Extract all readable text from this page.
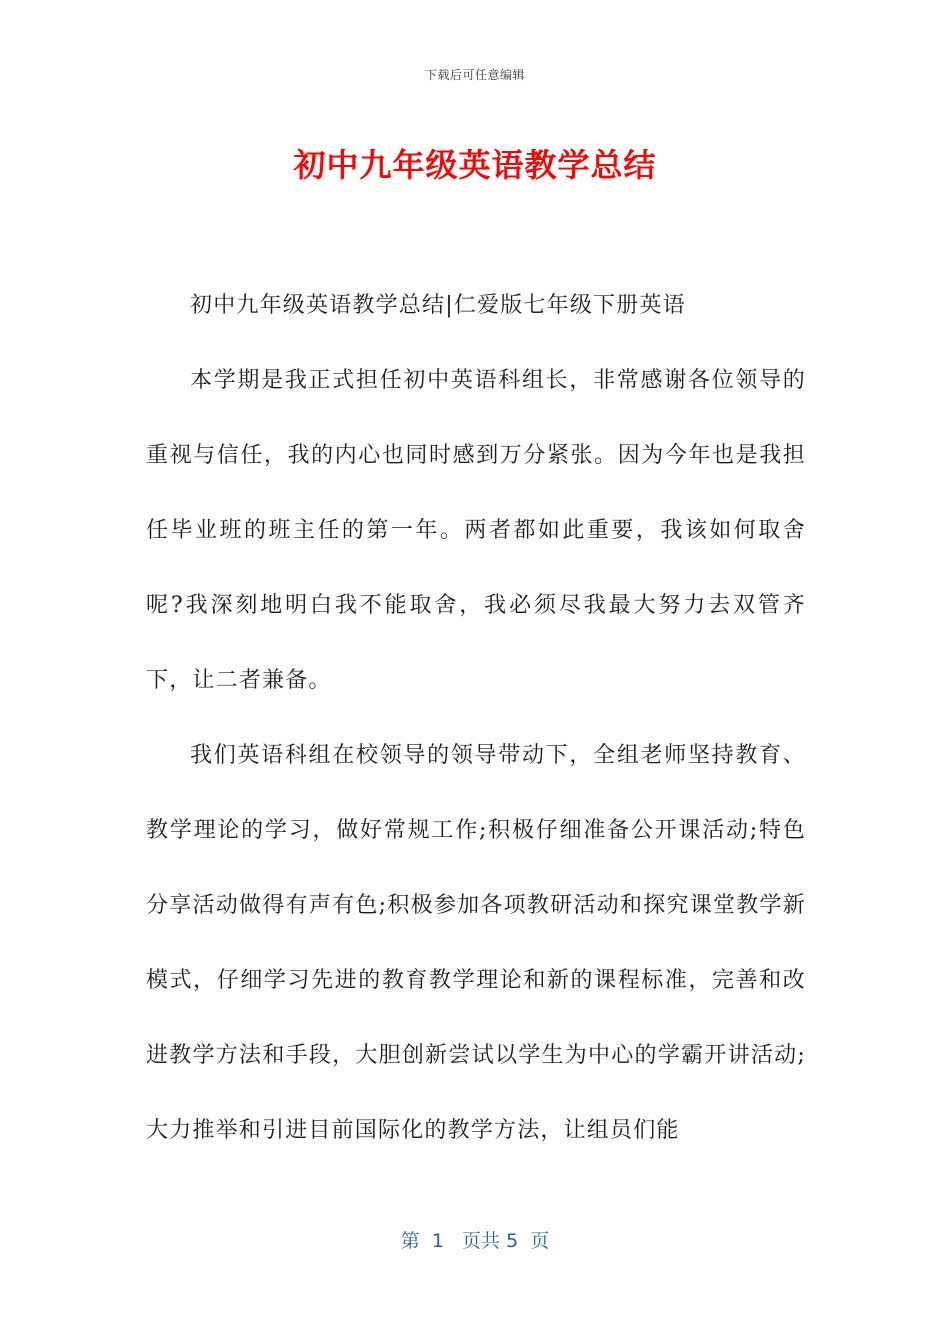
下载后可任意编辑
初中九年级英语教学总结

初中九年级英语教学总结|仁爱版七年级下册英语

本学期是我正式担任初中英语科组长，非常感谢各位领导的重视与信任，我的内心也同时感到万分紧张。因为今年也是我担任毕业班的班主任的第一年。两者都如此重要，我该如何取舍呢?我深刻地明白我不能取舍，我必须尽我最大努力去双管齐下，让二者兼备。

我们英语科组在校领导的领导带动下，全组老师坚持教育、教学理论的学习，做好常规工作;积极仔细准备公开课活动;特色分享活动做得有声有色;积极参加各项教研活动和探究课堂教学新模式，仔细学习先进的教育教学理论和新的课程标准，完善和改进教学方法和手段，大胆创新尝试以学生为中心的学霸开讲活动;大力推举和引进目前国际化的教学方法，让组员们能

第  1   页共 5  页
